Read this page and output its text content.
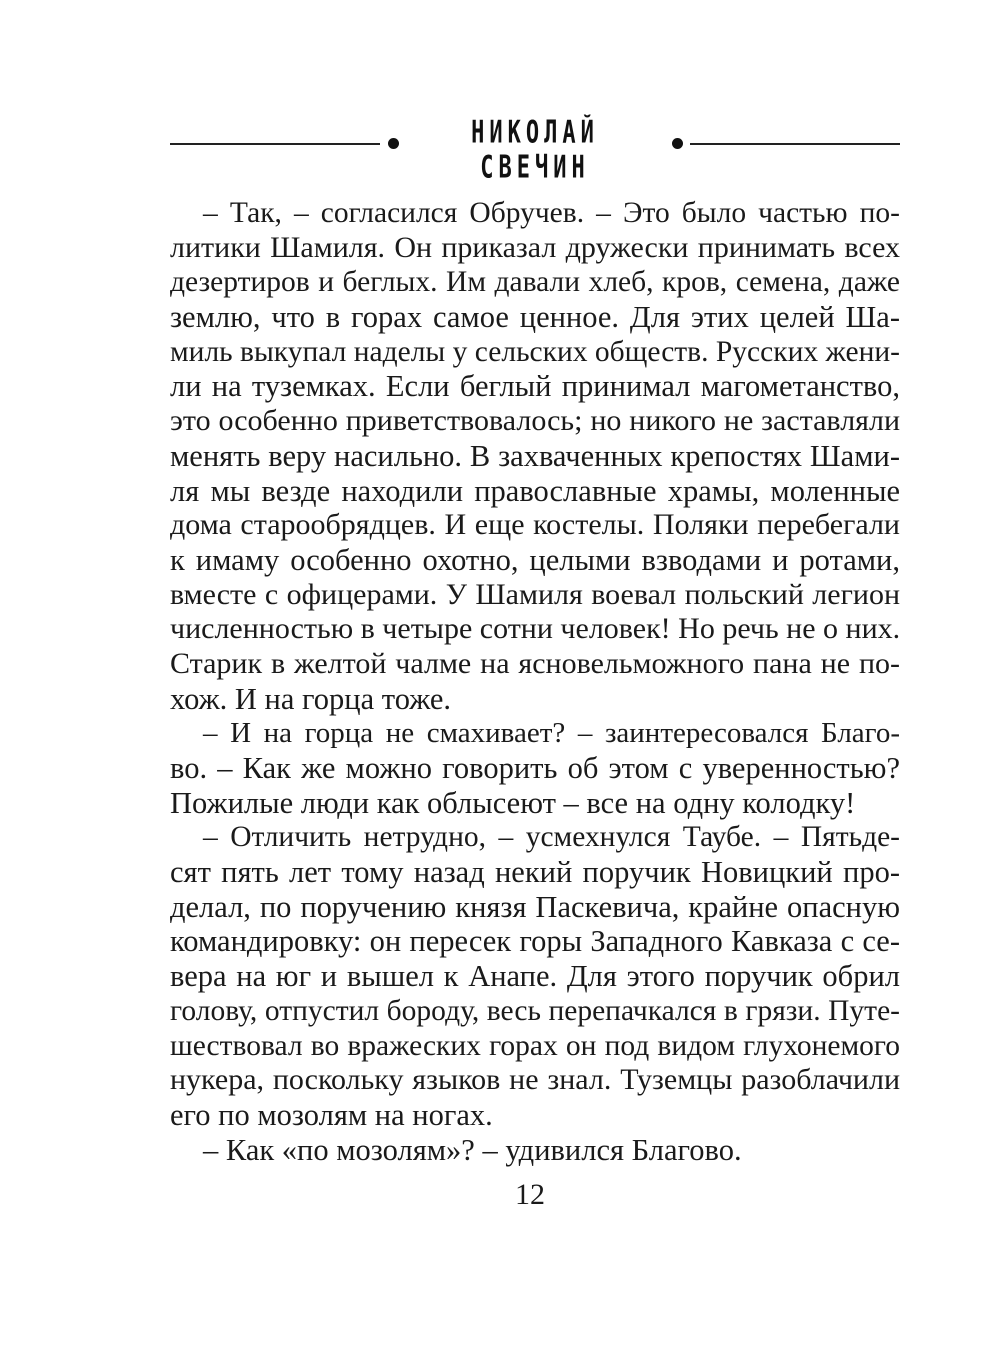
НИКОЛАЙ СВЕЧИН
– Так, – согласился Обручев. – Это было частью по-
литики Шамиля. Он приказал дружески принимать всех
дезертиров и беглых. Им давали хлеб, кров, семена, даже
землю, что в горах самое ценное. Для этих целей Ша-
миль выкупал наделы у сельских обществ. Русских жени-
ли на туземках. Если беглый принимал магометанство,
это особенно приветствовалось; но никого не заставляли
менять веру насильно. В захваченных крепостях Шами-
ля мы везде находили православные храмы, моленные
дома старообрядцев. И еще костелы. Поляки перебегали
к имаму особенно охотно, целыми взводами и ротами,
вместе с офицерами. У Шамиля воевал польский легион
численностью в четыре сотни человек! Но речь не о них.
Старик в желтой чалме на ясновельможного пана не по-
хож. И на горца тоже.
– И на горца не смахивает? – заинтересовался Благо-
во. – Как же можно говорить об этом с уверенностью?
Пожилые люди как облысеют – все на одну колодку!
– Отличить нетрудно, – усмехнулся Таубе. – Пятьде-
сят пять лет тому назад некий поручик Новицкий про-
делал, по поручению князя Паскевича, крайне опасную
командировку: он пересек горы Западного Кавказа с се-
вера на юг и вышел к Анапе. Для этого поручик обрил
голову, отпустил бороду, весь перепачкался в грязи. Путе-
шествовал во вражеских горах он под видом глухонемого
нукера, поскольку языков не знал. Туземцы разоблачили
его по мозолям на ногах.
– Как «по мозолям»? – удивился Благово.
12
